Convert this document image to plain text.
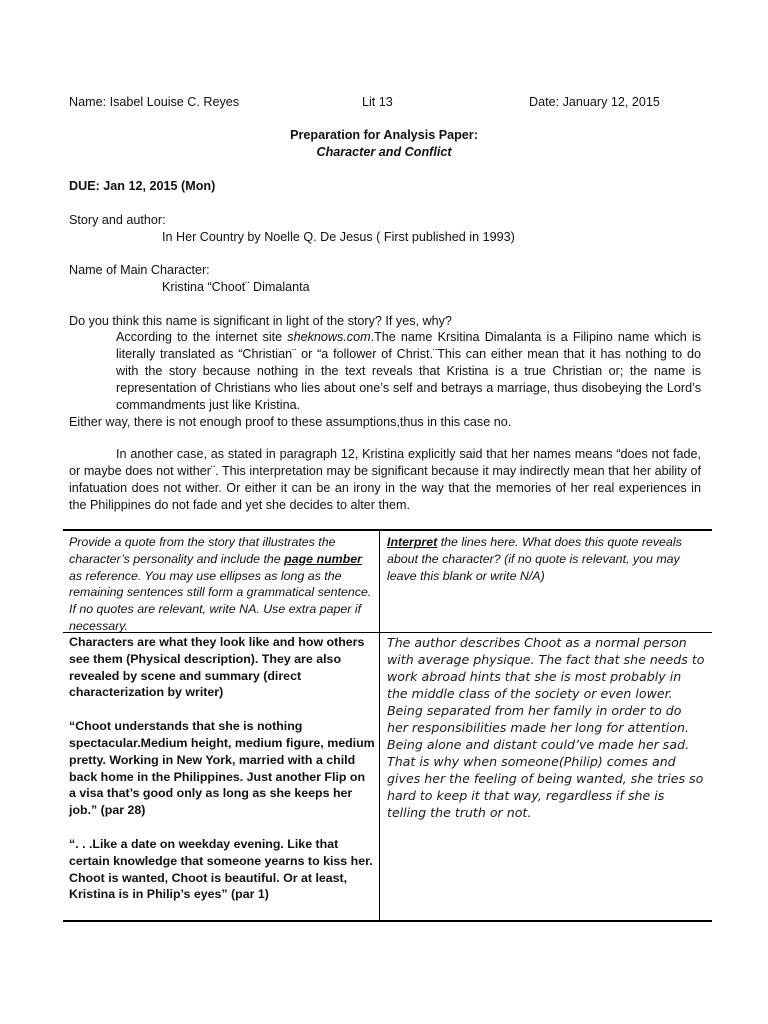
Name: Isabel Louise C. Reyes	Lit 13	Date: January 12, 2015
Preparation for Analysis Paper:
Character and Conflict
DUE: Jan 12, 2015 (Mon)
Story and author:
In Her Country by Noelle Q. De Jesus ( First published in 1993)
Name of Main Character:
Kristina “Choot¨ Dimalanta
Do you think this name is significant in light of the story? If yes, why?

According to the internet site sheknows.com.The name Krsitina Dimalanta is a Filipino name which is literally translated as “Christian¨ or “a follower of Christ.¨This can either mean that it has nothing to do with the story because nothing in the text reveals that Kristina is a true Christian or; the name is representation of Christians who lies about one’s self and betrays a marriage, thus disobeying the Lord’s commandments just like Kristina.

Either way, there is not enough proof to these assumptions,thus in this case no.

In another case, as stated in paragraph 12, Kristina explicitly said that her names means “does not fade, or maybe does not wither¨. This interpretation may be significant because it may indirectly mean that her ability of infatuation does not wither. Or either it can be an irony in the way that the memories of her real experiences in the Philippines do not fade and yet she decides to alter them.

Provide a quote from the story that illustrates the character’s personality and include the page number as reference. You may use ellipses as long as the remaining sentences still form a grammatical sentence. If no quotes are relevant, write NA. Use extra paper if necessary.
Interpret the lines here. What does this quote reveals about the character? (if no quote is relevant, you may leave this blank or write N/A)

Characters are what they look like and how others see them (Physical description). They are also revealed by scene and summary (direct characterization by writer)

“Choot understands that she is nothing spectacular.Medium height, medium figure, medium pretty. Working in New York, married with a child back home in the Philippines. Just another Flip on a visa that’s good only as long as she keeps her job.” (par 28)

“. . .Like a date on weekday evening. Like that certain knowledge that someone yearns to kiss her. Choot is wanted, Choot is beautiful. Or at least, Kristina is in Philip’s eyes” (par 1)

The author describes Choot as a normal person with average physique. The fact that she needs to work abroad hints that she is most probably in the middle class of the society or even lower. Being separated from her family in order to do her responsibilities made her long for attention. Being alone and distant could’ve made her sad. That is why when someone(Philip) comes and gives her the feeling of being wanted, she tries so hard to keep it that way, regardless if she is telling the truth or not.
